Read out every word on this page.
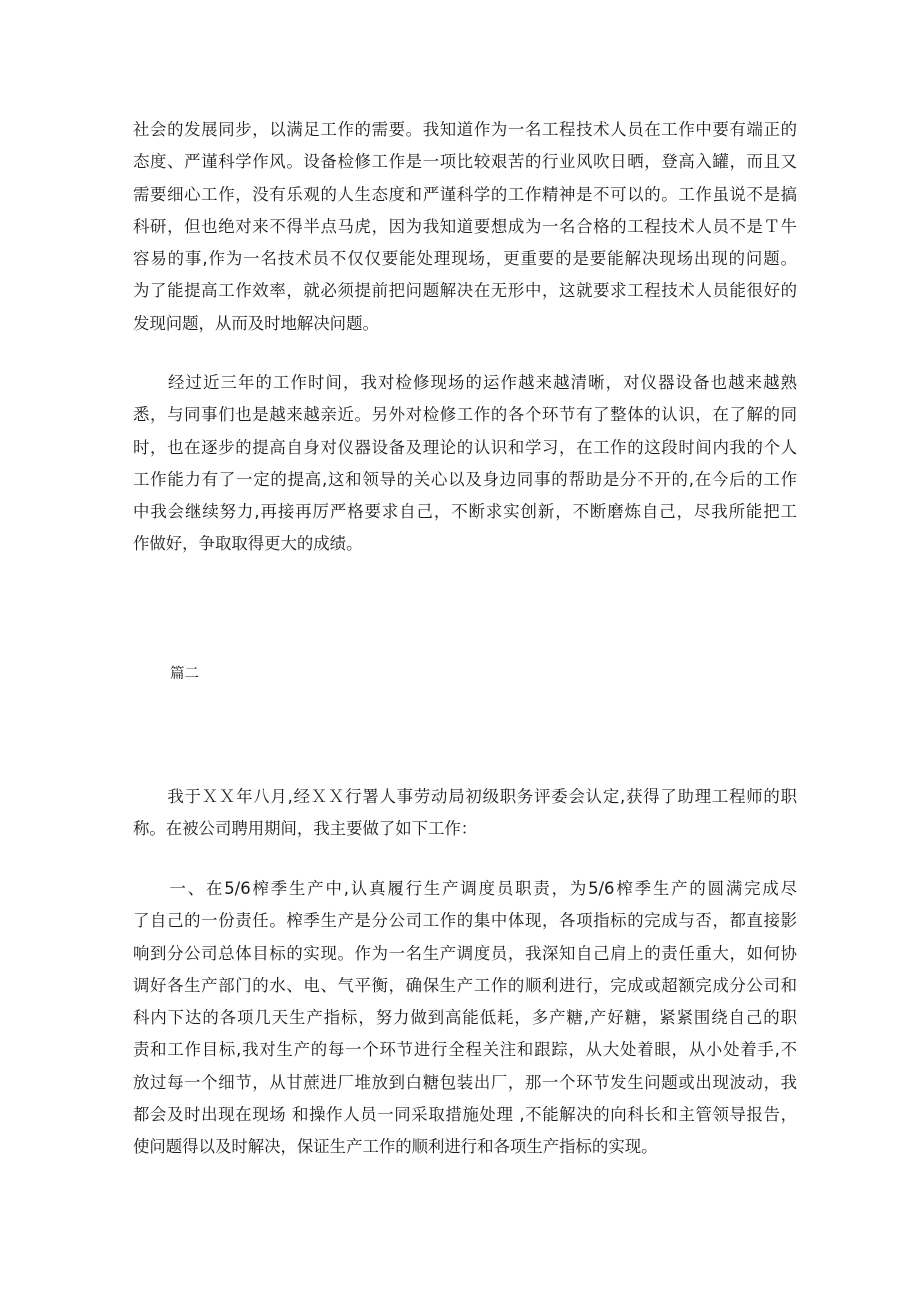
社会的发展同步，以满足工作的需要。我知道作为一名工程技术人员在工作中要有端正的
态度、严谨科学作风。设备检修工作是一项比较艰苦的行业风吹日晒，登高入罐，而且又
需要细心工作，没有乐观的人生态度和严谨科学的工作精神是不可以的。工作虽说不是搞
科研，但也绝对来不得半点马虎，因为我知道要想成为一名合格的工程技术人员不是Ｔ牛
容易的事,作为一名技术员不仅仅要能处理现场，更重要的是要能解决现场出现的问题。
为了能提高工作效率，就必须提前把问题解决在无形中，这就要求工程技术人员能很好的
发现问题，从而及时地解决问题。
　　经过近三年的工作时间，我对检修现场的运作越来越清晰，对仪器设备也越来越熟
悉，与同事们也是越来越亲近。另外对检修工作的各个环节有了整体的认识，在了解的同
时，也在逐步的提高自身对仪器设备及理论的认识和学习，在工作的这段时间内我的个人
工作能力有了一定的提高,这和领导的关心以及身边同事的帮助是分不开的,在今后的工作
中我会继续努力,再接再厉严格要求自己，不断求实创新，不断磨炼自己，尽我所能把工
作做好，争取取得更大的成绩。
篇二
　　我于ＸＸ年八月,经ＸＸ行署人事劳动局初级职务评委会认定,获得了助理工程师的职
称。在被公司聘用期间，我主要做了如下工作：
　　一、在5/6榨季生产中,认真履行生产调度员职责，为5/6榨季生产的圆满完成尽
了自己的一份责任。榨季生产是分公司工作的集中体现，各项指标的完成与否，都直接影
响到分公司总体目标的实现。作为一名生产调度员，我深知自己肩上的责任重大，如何协
调好各生产部门的水、电、气平衡，确保生产工作的顺利进行，完成或超额完成分公司和
科内下达的各项几天生产指标，努力做到高能低耗，多产糖,产好糖，紧紧围绕自己的职
责和工作目标,我对生产的每一个环节进行全程关注和跟踪，从大处着眼，从小处着手,不
放过每一个细节，从甘蔗进厂堆放到白糖包装出厂，那一个环节发生问题或出现波动，我
都会及时出现在现场 和操作人员一同采取措施处理 ,不能解决的向科长和主管领导报告，
使问题得以及时解决，保证生产工作的顺利进行和各项生产指标的实现。
